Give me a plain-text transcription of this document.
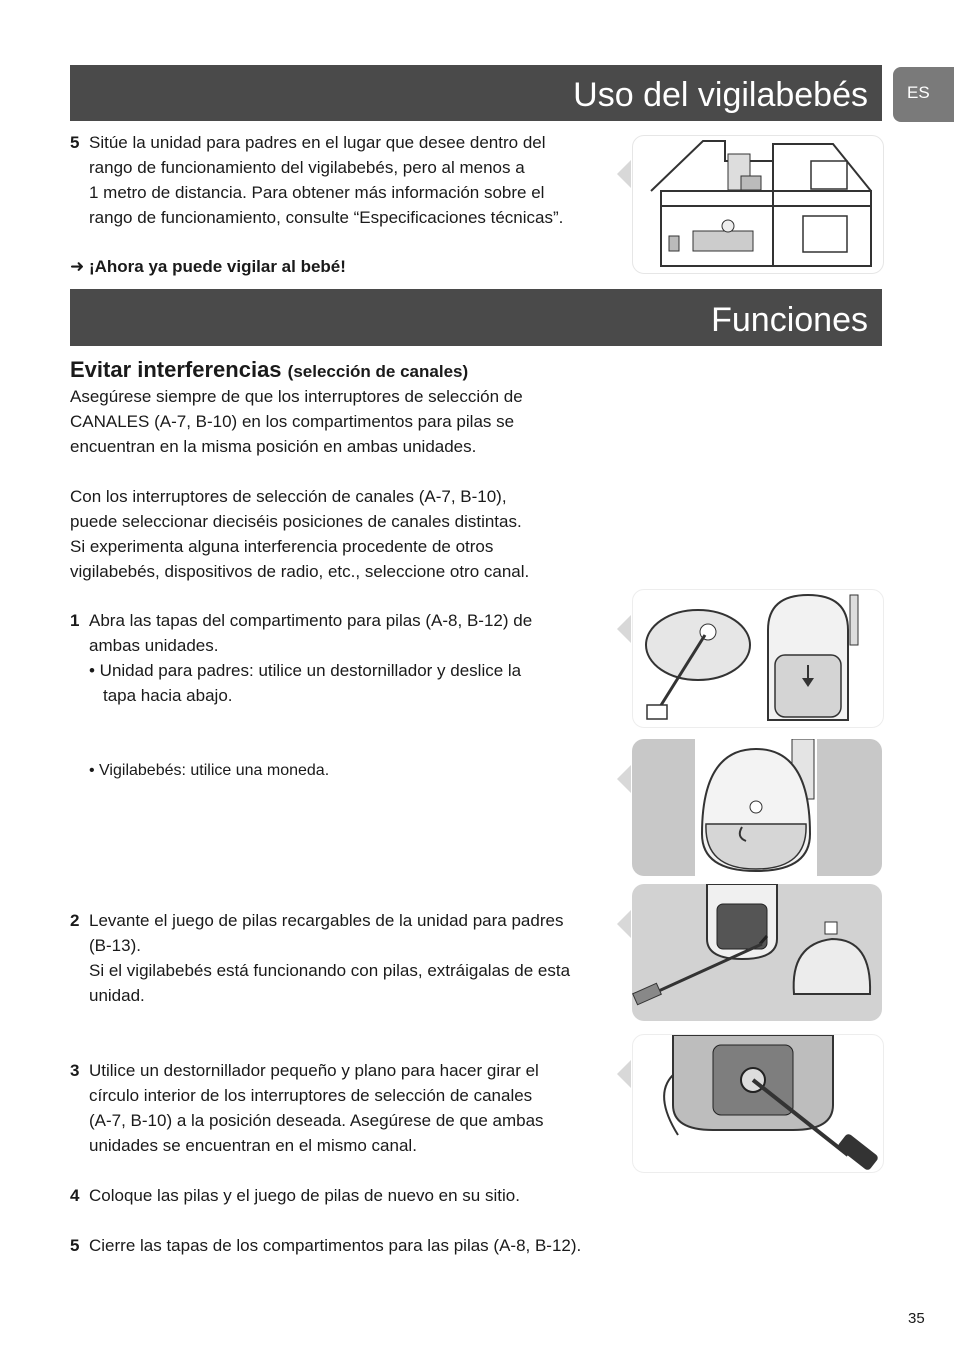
Uso del vigilabebés	ES
5 Sitúe la unidad para padres en el lugar que desee dentro del
rango de funcionamiento del vigilabebés, pero al menos a
1 metro de distancia. Para obtener más información sobre el
rango de funcionamiento, consulte “Especificaciones técnicas”.
➜ ¡Ahora ya puede vigilar al bebé!
Funciones
Evitar interferencias (selección de canales)
Asegúrese siempre de que los interruptores de selección de
CANALES (A-7, B-10) en los compartimentos para pilas se
encuentran en la misma posición en ambas unidades.
Con los interruptores de selección de canales (A-7, B-10),
puede seleccionar dieciséis posiciones de canales distintas.
Si experimenta alguna interferencia procedente de otros
vigilabebés, dispositivos de radio, etc., seleccione otro canal.
1 Abra las tapas del compartimento para pilas (A-8, B-12) de
ambas unidades.
• Unidad para padres: utilice un destornillador y deslice la
tapa hacia abajo.
• Vigilabebés: utilice una moneda.
2 Levante el juego de pilas recargables de la unidad para padres
(B-13).
Si el vigilabebés está funcionando con pilas, extráigalas de esta
unidad.
3 Utilice un destornillador pequeño y plano para hacer girar el
círculo interior de los interruptores de selección de canales
(A-7, B-10) a la posición deseada. Asegúrese de que ambas
unidades se encuentran en el mismo canal.
4 Coloque las pilas y el juego de pilas de nuevo en su sitio.
5 Cierre las tapas de los compartimentos para las pilas (A-8, B-12).
35
